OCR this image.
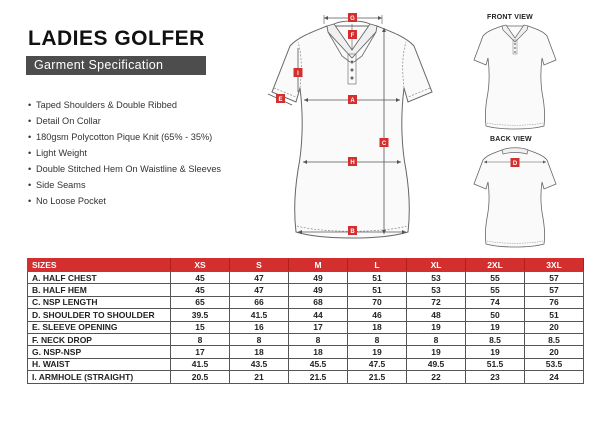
LADIES GOLFER
Garment Specification
• Taped Shoulders & Double Ribbed
• Detail On Collar
• 180gsm Polycotton Pique Knit (65% - 35%)
• Light Weight
• Double Stitched Hem On Waistline & Sleeves
• Side Seams
• No Loose Pocket
G
F
A
H
B
C
I
E
FRONT VIEW
BACK VIEW
D
SIZES	XS	S	M	L	XL	2XL	3XL
A. HALF CHEST	45	47	49	51	53	55	57
B. HALF HEM	45	47	49	51	53	55	57
C. NSP LENGTH	65	66	68	70	72	74	76
D. SHOULDER TO SHOULDER	39.5	41.5	44	46	48	50	51
E. SLEEVE OPENING	15	16	17	18	19	19	20
F. NECK DROP	8	8	8	8	8	8.5	8.5
G. NSP-NSP	17	18	18	19	19	19	20
H. WAIST	41.5	43.5	45.5	47.5	49.5	51.5	53.5
I. ARMHOLE (STRAIGHT)	20.5	21	21.5	21.5	22	23	24
